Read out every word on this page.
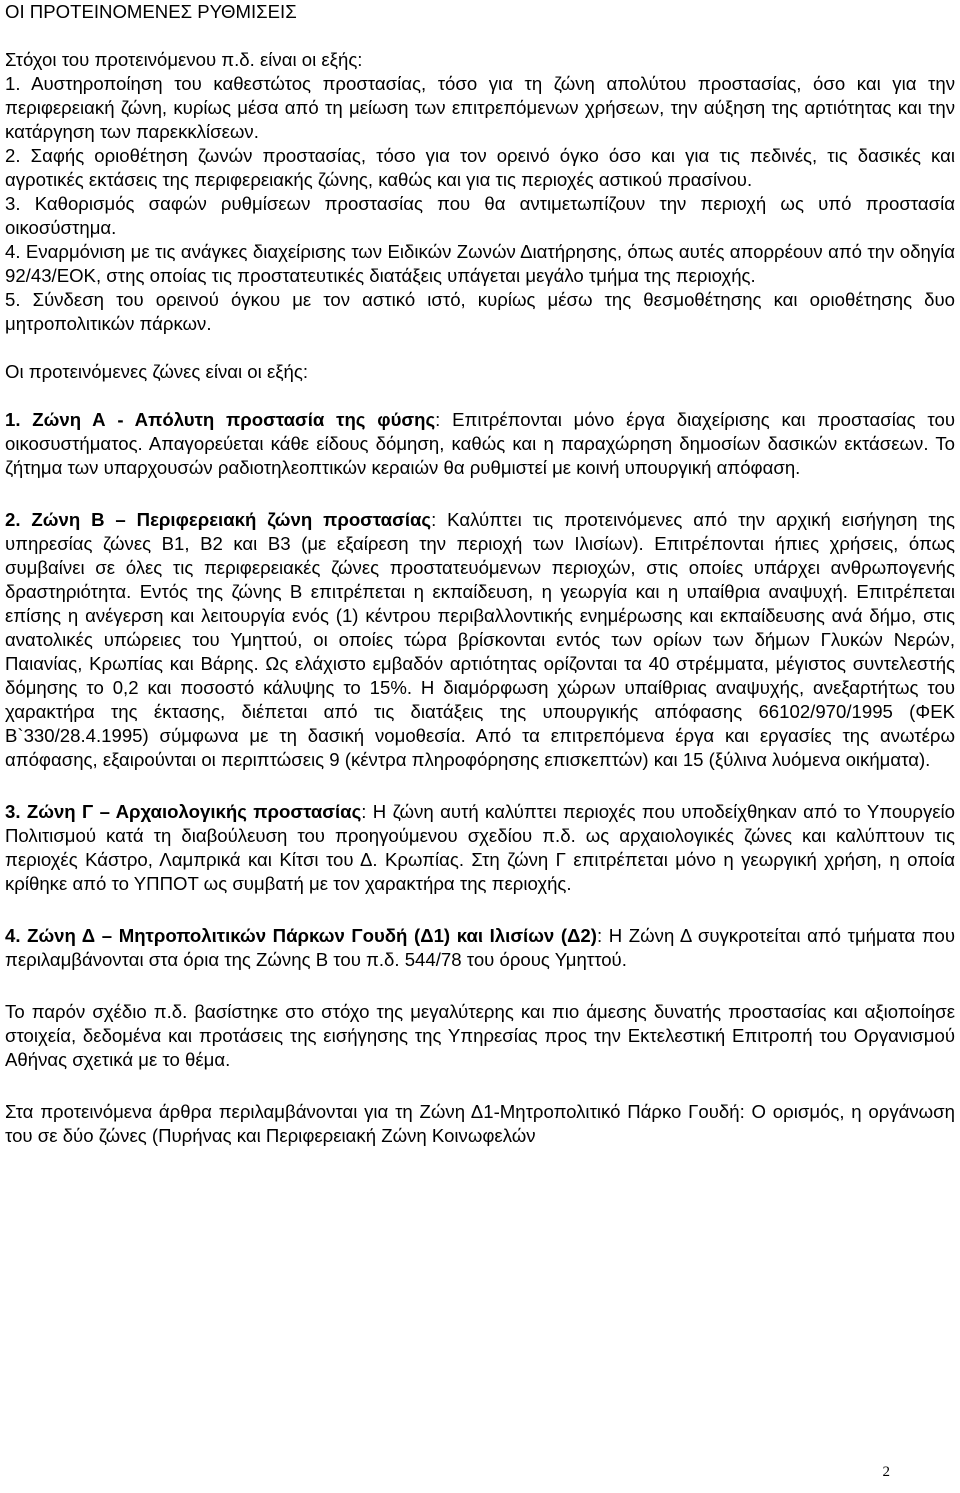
ΟΙ ΠΡΟΤΕΙΝΟΜΕΝΕΣ ΡΥΘΜΙΣΕΙΣ

Στόχοι του προτεινόμενου π.δ. είναι οι εξής:

1. Αυστηροποίηση του καθεστώτος προστασίας, τόσο για τη ζώνη απολύτου προστασίας, όσο και για την περιφερειακή ζώνη, κυρίως μέσα από τη μείωση των επιτρεπόμενων χρήσεων, την αύξηση της αρτιότητας και την κατάργηση των παρεκκλίσεων.

2. Σαφής οριοθέτηση ζωνών προστασίας, τόσο για τον ορεινό όγκο όσο και για τις πεδινές, τις δασικές και αγροτικές εκτάσεις της περιφερειακής ζώνης, καθώς και για τις περιοχές αστικού πρασίνου.

3. Καθορισμός σαφών ρυθμίσεων προστασίας που θα αντιμετωπίζουν την περιοχή ως υπό προστασία οικοσύστημα.

4. Εναρμόνιση με τις ανάγκες διαχείρισης των Ειδικών Ζωνών Διατήρησης, όπως αυτές απορρέουν από την οδηγία 92/43/ΕΟΚ, στης οποίας τις προστατευτικές διατάξεις υπάγεται μεγάλο τμήμα της περιοχής.

5. Σύνδεση του ορεινού όγκου με τον αστικό ιστό, κυρίως μέσω της θεσμοθέτησης και οριοθέτησης δυο μητροπολιτικών πάρκων.

Οι προτεινόμενες ζώνες είναι οι εξής:

1. Ζώνη Α - Απόλυτη προστασία της φύσης: Επιτρέπονται μόνο έργα διαχείρισης και προστασίας του οικοσυστήματος. Απαγορεύεται κάθε είδους δόμηση, καθώς και η παραχώρηση δημοσίων δασικών εκτάσεων. Το ζήτημα των υπαρχουσών ραδιοτηλεοπτικών κεραιών θα ρυθμιστεί με κοινή υπουργική απόφαση.

2. Ζώνη Β – Περιφερειακή ζώνη προστασίας: Καλύπτει τις προτεινόμενες από την αρχική εισήγηση της υπηρεσίας ζώνες Β1, Β2 και Β3 (με εξαίρεση την περιοχή των Ιλισίων). Επιτρέπονται ήπιες χρήσεις, όπως συμβαίνει σε όλες τις περιφερειακές ζώνες προστατευόμενων περιοχών, στις οποίες υπάρχει ανθρωπογενής δραστηριότητα. Εντός της ζώνης Β επιτρέπεται η εκπαίδευση, η γεωργία και η υπαίθρια αναψυχή. Επιτρέπεται επίσης η ανέγερση και λειτουργία ενός (1) κέντρου περιβαλλοντικής ενημέρωσης και εκπαίδευσης ανά δήμο, στις ανατολικές υπώρειες του Υμηττού, οι οποίες τώρα βρίσκονται εντός των ορίων των δήμων Γλυκών Νερών, Παιανίας, Κρωπίας και Βάρης. Ως ελάχιστο εμβαδόν αρτιότητας ορίζονται τα 40 στρέμματα, μέγιστος συντελεστής δόμησης το 0,2 και ποσοστό κάλυψης το 15%. Η διαμόρφωση χώρων υπαίθριας αναψυχής, ανεξαρτήτως του χαρακτήρα της έκτασης, διέπεται από τις διατάξεις της υπουργικής απόφασης 66102/970/1995 (ΦΕΚ Β`330/28.4.1995) σύμφωνα με τη δασική νομοθεσία. Από τα επιτρεπόμενα έργα και εργασίες της ανωτέρω απόφασης, εξαιρούνται οι περιπτώσεις 9 (κέντρα πληροφόρησης επισκεπτών) και 15 (ξύλινα λυόμενα οικήματα).

3. Ζώνη Γ – Αρχαιολογικής προστασίας: Η ζώνη αυτή καλύπτει περιοχές που υποδείχθηκαν από το Υπουργείο Πολιτισμού κατά τη διαβούλευση του προηγούμενου σχεδίου π.δ. ως αρχαιολογικές ζώνες και καλύπτουν τις περιοχές Κάστρο, Λαμπρικά και Κίτσι του Δ. Κρωπίας. Στη ζώνη Γ επιτρέπεται μόνο η γεωργική χρήση, η οποία κρίθηκε από το ΥΠΠΟΤ ως συμβατή με τον χαρακτήρα της περιοχής.

4. Ζώνη Δ – Μητροπολιτικών Πάρκων Γουδή (Δ1) και Ιλισίων (Δ2): Η Ζώνη Δ συγκροτείται από τμήματα που περιλαμβάνονται στα όρια της Ζώνης Β του π.δ. 544/78 του όρους Υμηττού.

Το παρόν σχέδιο π.δ. βασίστηκε στο στόχο της μεγαλύτερης και πιο άμεσης δυνατής προστασίας και αξιοποίησε στοιχεία, δεδομένα και προτάσεις της εισήγησης της Υπηρεσίας προς την Εκτελεστική Επιτροπή του Οργανισμού Αθήνας σχετικά με το θέμα.

Στα προτεινόμενα άρθρα περιλαμβάνονται για τη Ζώνη Δ1-Μητροπολιτικό Πάρκο Γουδή: Ο ορισμός, η οργάνωση του σε δύο ζώνες (Πυρήνας και Περιφερειακή Ζώνη Κοινωφελών

2
